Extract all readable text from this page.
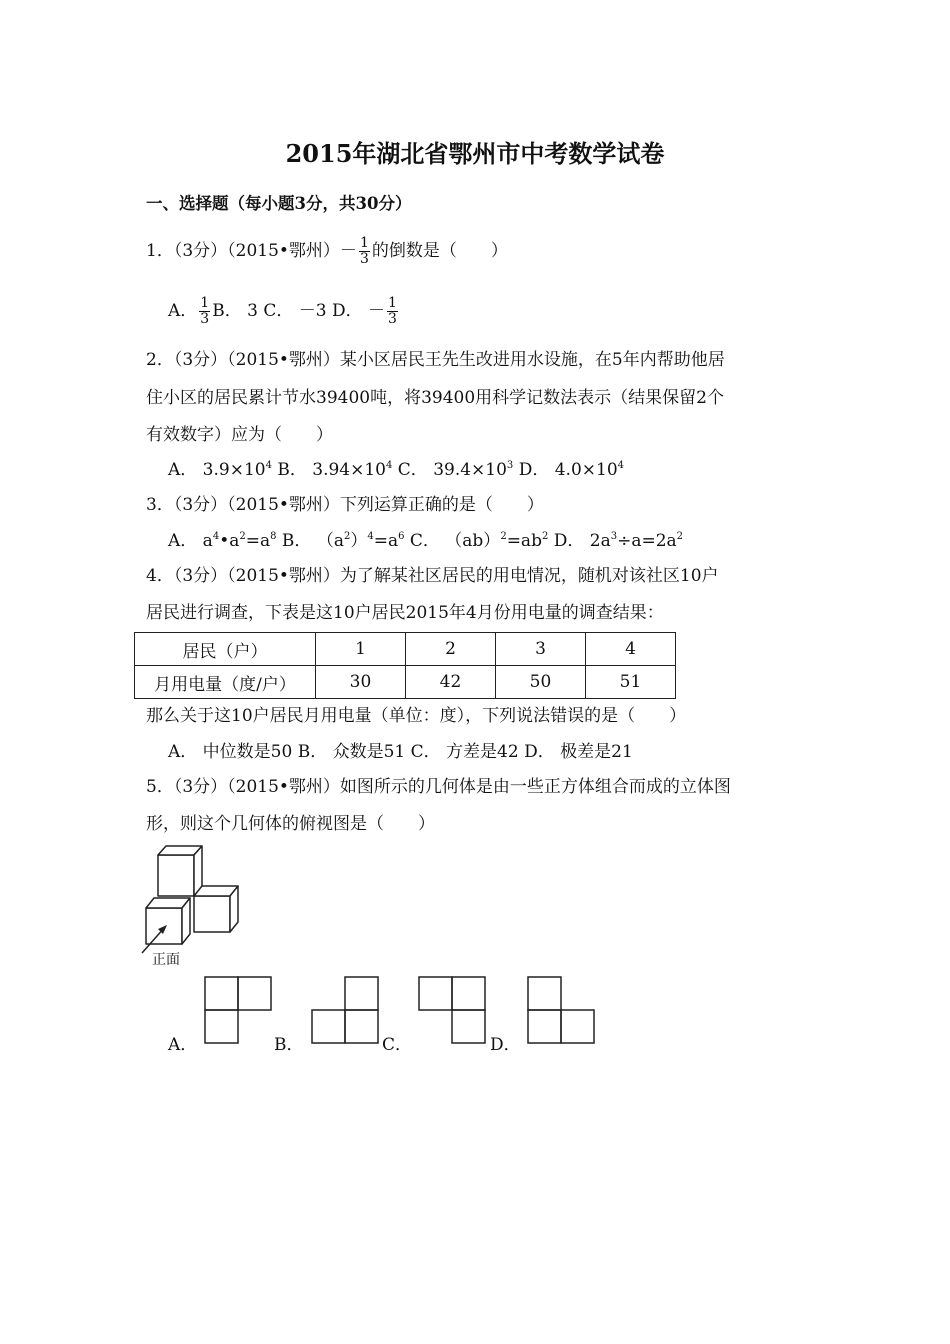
2015年湖北省鄂州市中考数学试卷
一、选择题（每小题3分，共30分）
1．（3分）（2015•鄂州）－ $\frac{1}{3}$ 的倒数是（　　）
A． $\frac{1}{3}$ B． 3 C． －3 D． － $\frac{1}{3}$
2．（3分）（2015•鄂州）某小区居民王先生改进用水设施，在5年内帮助他居
住小区的居民累计节水39400吨，将39400用科学记数法表示（结果保留2个
有效数字）应为（　　）
A． $3.9\times 10^4$ B． $3.94\times 10^4$ C． $39.4\times 10^3$ D． $4.0\times 10^4$
3．（3分）（2015•鄂州）下列运算正确的是（　　）
A． $a^4•a^2=a^8$ B． $(a^2)^4=a^6$ C． $(ab)^2=ab^2$ D． $2a^3\div a=2a^2$
4．（3分）（2015•鄂州）为了解某社区居民的用电情况，随机对该社区10户
居民进行调查，下表是这10户居民2015年4月份用电量的调查结果：
居民（户）	1	2	3	4
月用电量（度/户）	30	42	50	51
那么关于这10户居民月用电量（单位：度），下列说法错误的是（　　）
A． 中位数是50 B． 众数是51 C． 方差是42 D． 极差是21
5．（3分）（2015•鄂州）如图所示的几何体是由一些正方体组合而成的立体图
形，则这个几何体的俯视图是（　　）
正面
A．	B．	C．	D．
